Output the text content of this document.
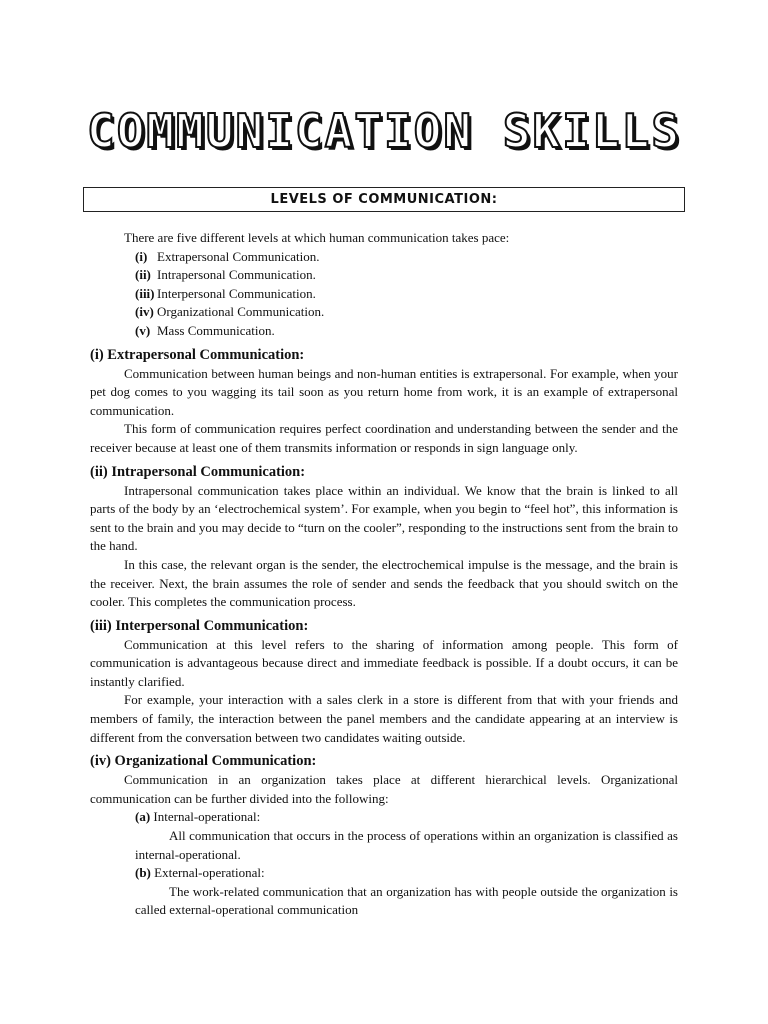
COMMUNICATION SKILLS
LEVELS OF COMMUNICATION:

There are five different levels at which human communication takes pace:

(i) Extrapersonal Communication.
(ii) Intrapersonal Communication.
(iii) Interpersonal Communication.
(iv) Organizational Communication.
(v) Mass Communication.
(i) Extrapersonal Communication:

Communication between human beings and non-human entities is extrapersonal. For example, when your pet dog comes to you wagging its tail soon as you return home from work, it is an example of extrapersonal communication.

This form of communication requires perfect coordination and understanding between the sender and the receiver because at least one of them transmits information or responds in sign language only.

(ii) Intrapersonal Communication:

Intrapersonal communication takes place within an individual. We know that the brain is linked to all parts of the body by an ‘electrochemical system’. For example, when you begin to “feel hot”, this information is sent to the brain and you may decide to “turn on the cooler”, responding to the instructions sent from the brain to the hand.

In this case, the relevant organ is the sender, the electrochemical impulse is the message, and the brain is the receiver. Next, the brain assumes the role of sender and sends the feedback that you should switch on the cooler. This completes the communication process.

(iii) Interpersonal Communication:

Communication at this level refers to the sharing of information among people. This form of communication is advantageous because direct and immediate feedback is possible. If a doubt occurs, it can be instantly clarified.

For example, your interaction with a sales clerk in a store is different from that with your friends and members of family, the interaction between the panel members and the candidate appearing at an interview is different from the conversation between two candidates waiting outside.

(iv) Organizational Communication:

Communication in an organization takes place at different hierarchical levels. Organizational communication can be further divided into the following:

(a) Internal-operational:

All communication that occurs in the process of operations within an organization is classified as internal-operational.

(b) External-operational:

The work-related communication that an organization has with people outside the organization is called external-operational communication
